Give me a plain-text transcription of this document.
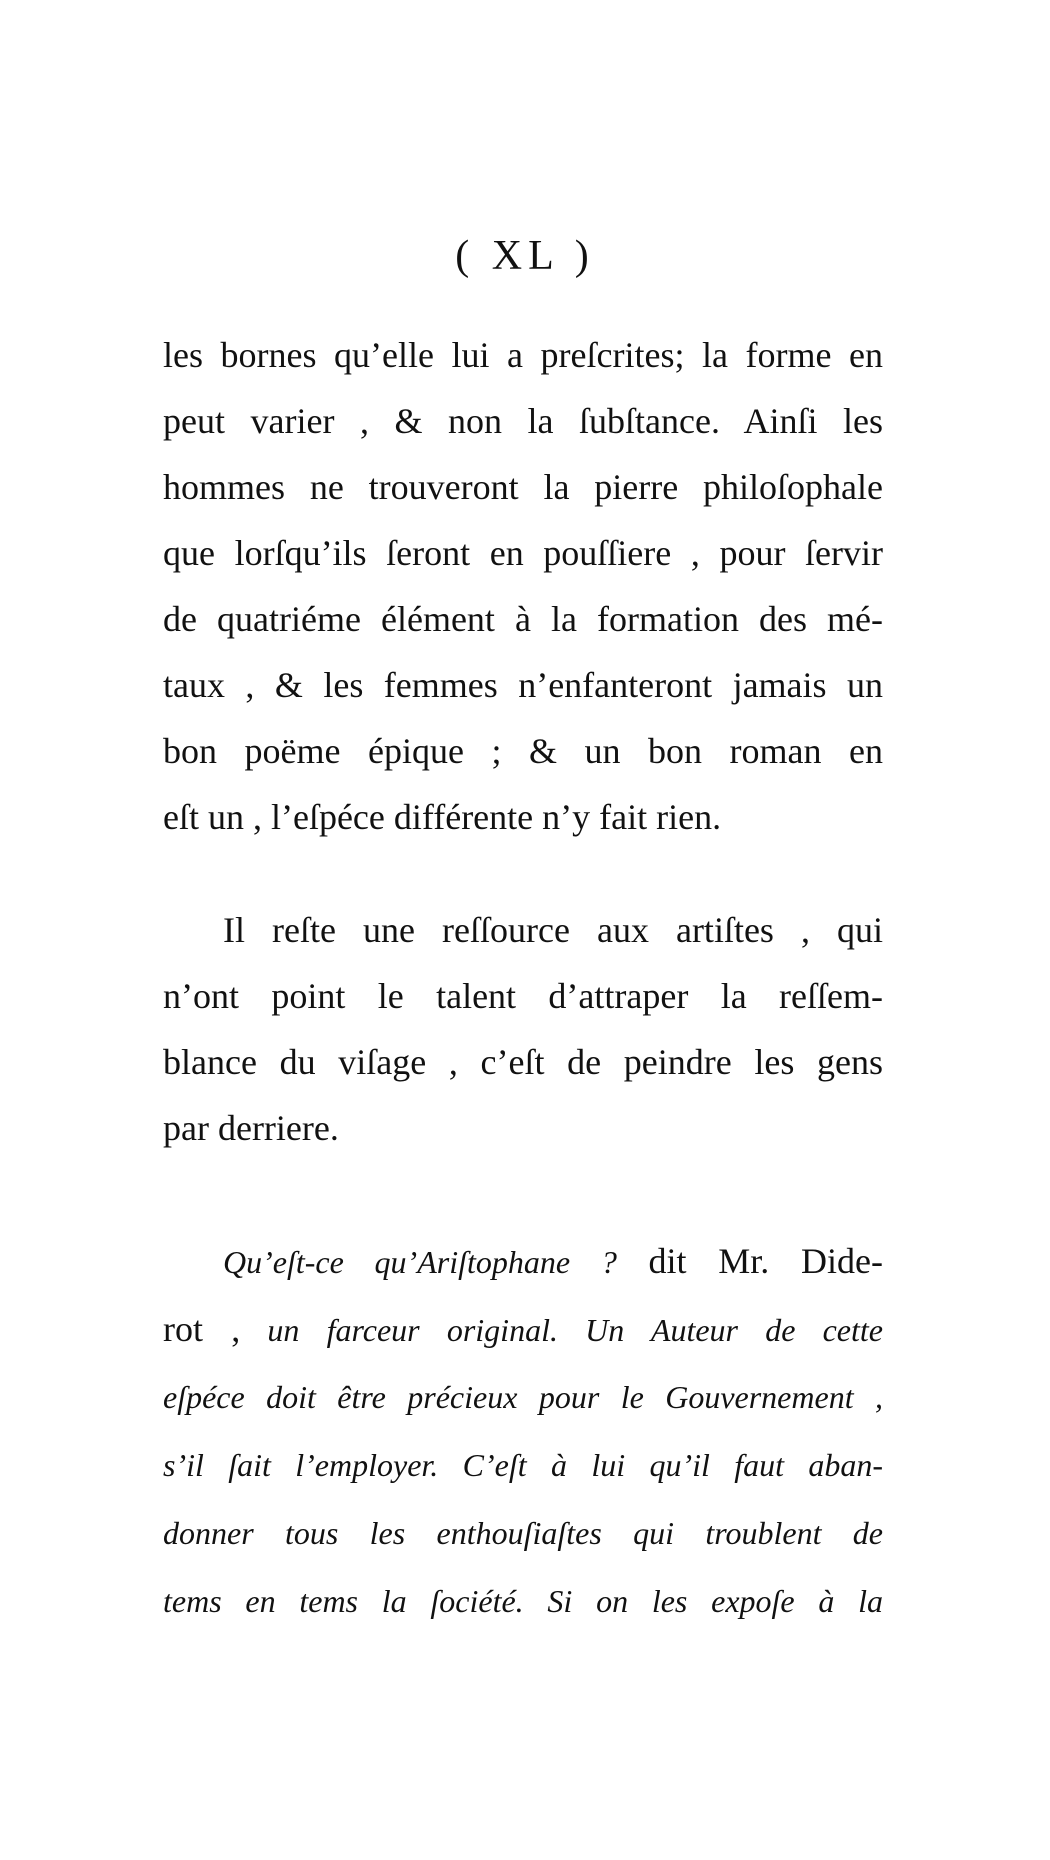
( XL )
les bornes qu’elle lui a preſcrites; la forme en
peut varier , & non la ſubſtance. Ainſi les
hommes ne trouveront la pierre philoſophale
que lorſqu’ils ſeront en pouſſiere , pour ſervir
de quatriéme élément à la formation des mé-
taux , & les femmes n’enfanteront jamais un
bon poëme épique ; & un bon roman en
eſt un , l’eſpéce différente n’y fait rien.
Il reſte une reſſource aux artiſtes , qui
n’ont point le talent d’attraper la reſſem-
blance du viſage , c’eſt de peindre les gens
par derriere.
Qu’eſt-ce qu’Ariſtophane ? dit Mr. Dide-
rot , un farceur original. Un Auteur de cette
eſpéce doit être précieux pour le Gouvernement ,
s’il ſait l’employer. C’eſt à lui qu’il faut aban-
donner tous les enthouſiaſtes qui troublent de
tems en tems la ſociété. Si on les expoſe à la
